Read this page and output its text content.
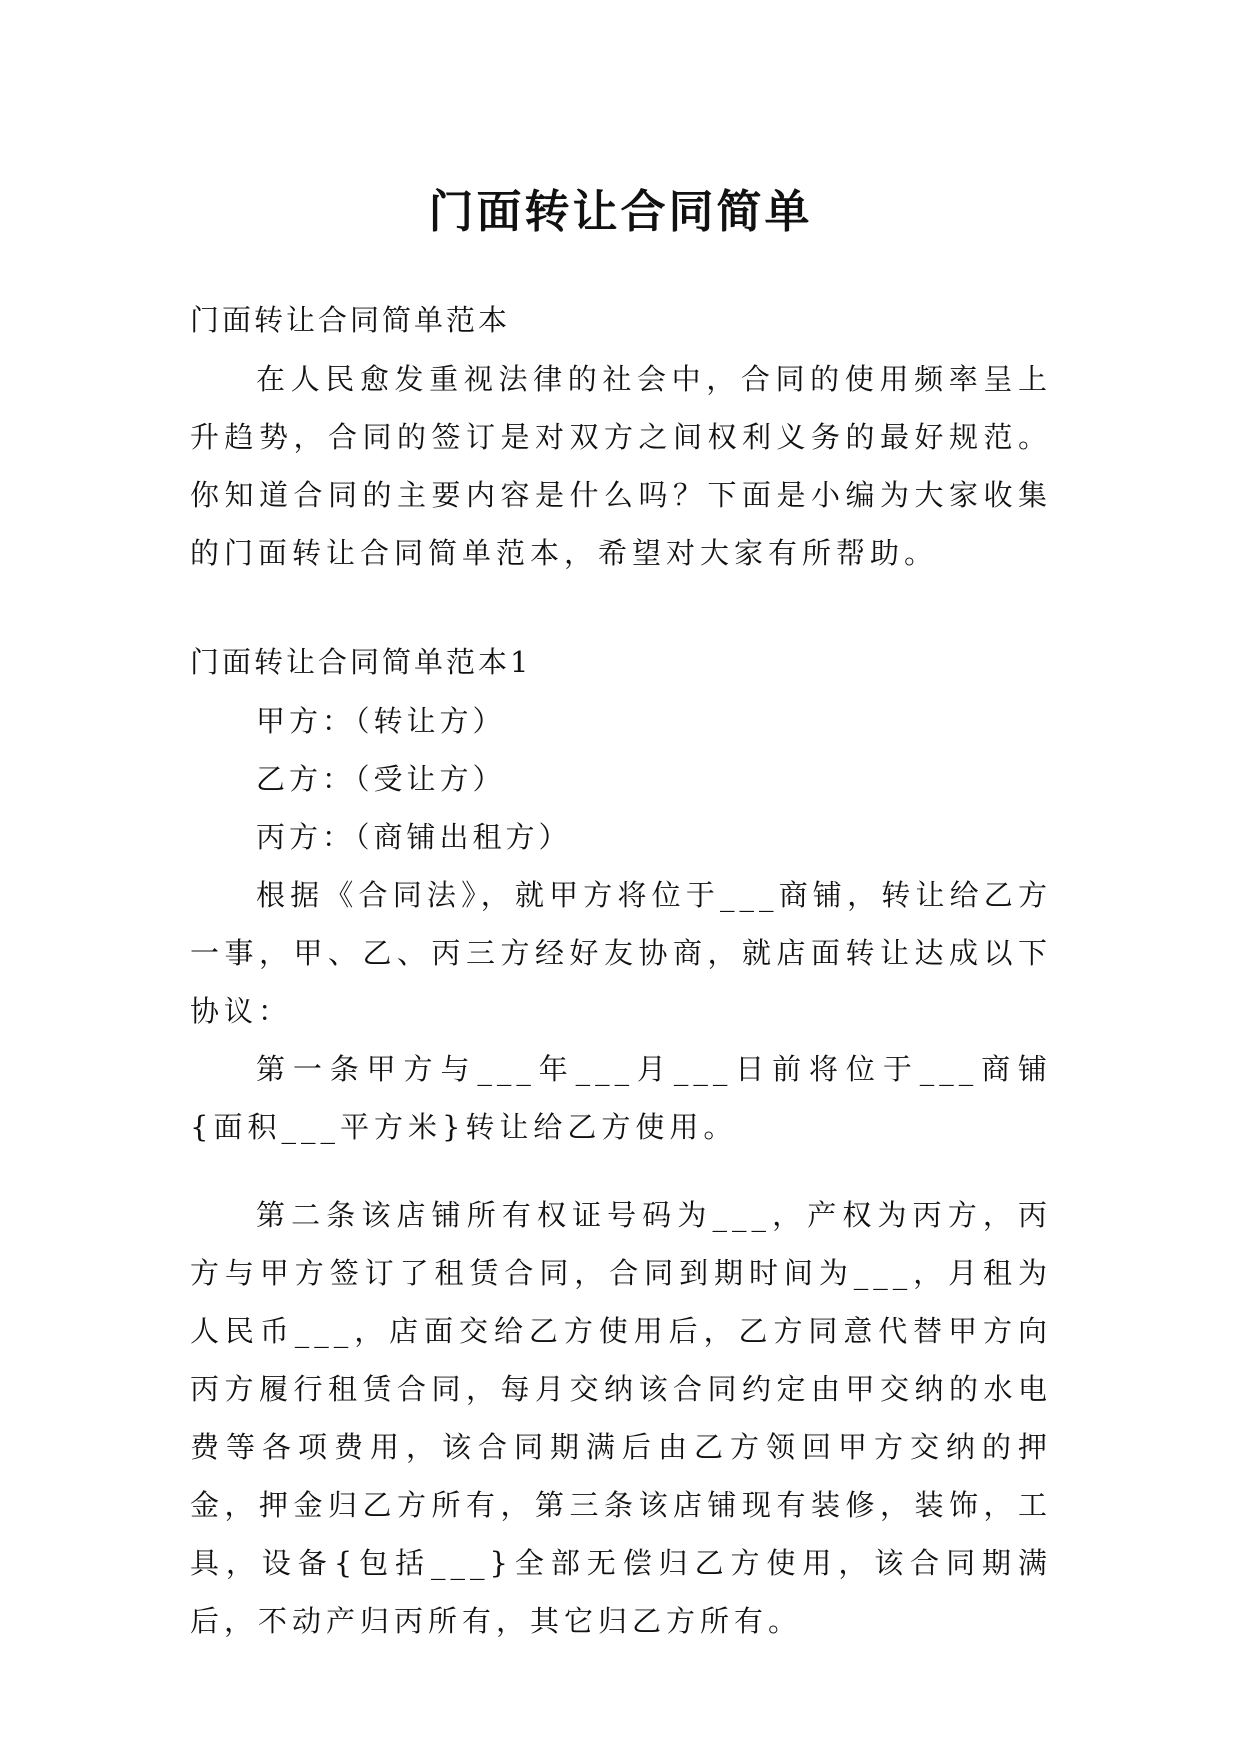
门面转让合同简单

门面转让合同简单范本

在人民愈发重视法律的社会中，合同的使用频率呈上升趋势，合同的签订是对双方之间权利义务的最好规范。你知道合同的主要内容是什么吗？下面是小编为大家收集的门面转让合同简单范本，希望对大家有所帮助。

门面转让合同简单范本1

甲方：（转让方）

乙方：（受让方）

丙方：（商铺出租方）

根据《合同法》，就甲方将位于___商铺，转让给乙方一事，甲、乙、丙三方经好友协商，就店面转让达成以下协议：

第一条甲方与___年___月___日前将位于___商铺{面积___平方米}转让给乙方使用。

第二条该店铺所有权证号码为___，产权为丙方，丙方与甲方签订了租赁合同，合同到期时间为___，月租为人民币___，店面交给乙方使用后，乙方同意代替甲方向丙方履行租赁合同，每月交纳该合同约定由甲交纳的水电费等各项费用，该合同期满后由乙方领回甲方交纳的押金，押金归乙方所有，第三条该店铺现有装修，装饰，工具，设备{包括___}全部无偿归乙方使用，该合同期满后，不动产归丙所有，其它归乙方所有。
